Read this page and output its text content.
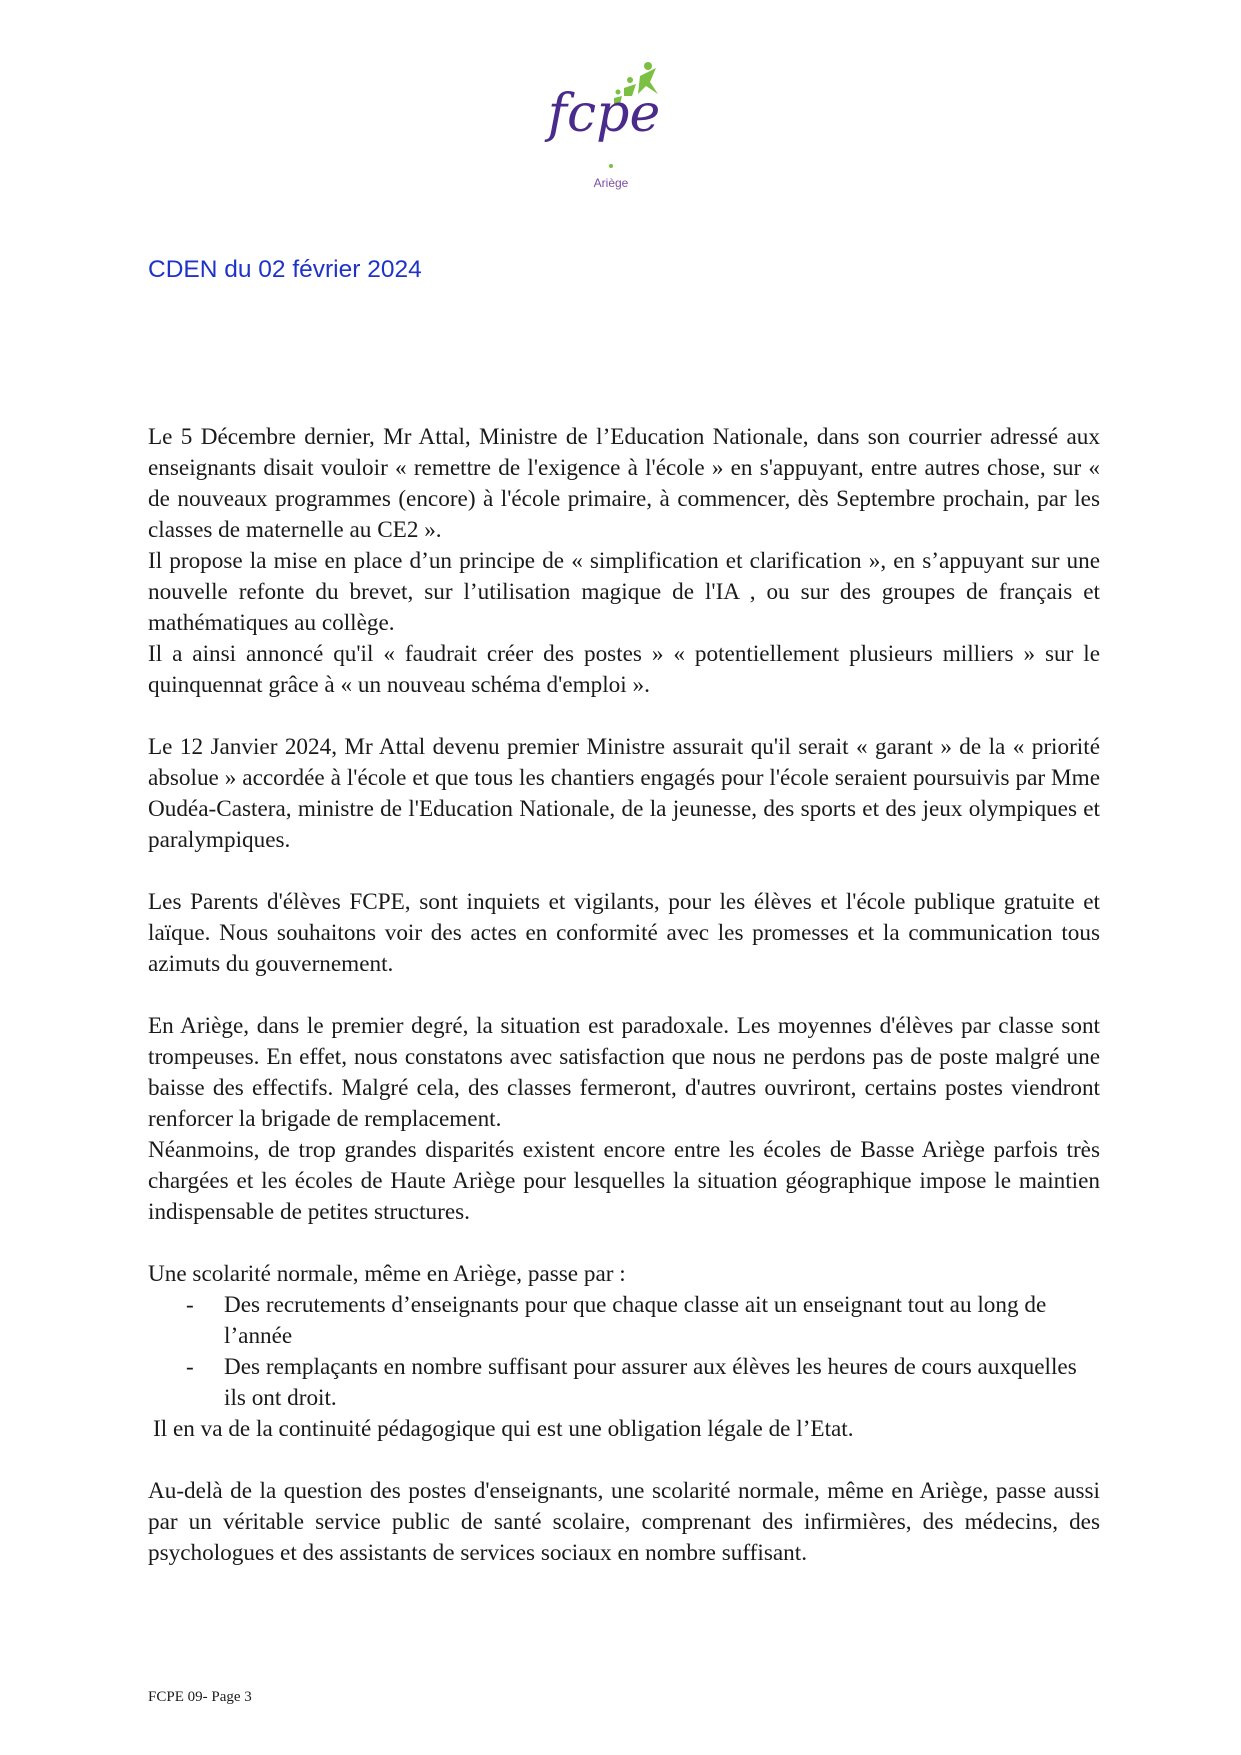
fcpe
Ariège
CDEN du 02 février 2024

Le 5 Décembre dernier, Mr Attal, Ministre de l’Education Nationale, dans son courrier adressé aux enseignants disait vouloir « remettre de l'exigence à l'école » en s'appuyant, entre autres chose, sur « de nouveaux programmes (encore) à l'école primaire, à commencer, dès Septembre prochain, par les classes de maternelle au CE2 ».

Il propose la mise en place d’un principe de « simplification et clarification », en s’appuyant sur une nouvelle refonte du brevet, sur l’utilisation magique de l'IA , ou sur des groupes de français et mathématiques au collège.

Il a ainsi annoncé qu'il « faudrait créer des postes » « potentiellement plusieurs milliers » sur le quinquennat grâce à « un nouveau schéma d'emploi ».

Le 12 Janvier 2024, Mr Attal devenu premier Ministre assurait qu'il serait « garant » de la « priorité absolue » accordée à l'école et que tous les chantiers engagés pour l'école seraient poursuivis par Mme Oudéa-Castera, ministre de l'Education Nationale, de la jeunesse, des sports et des jeux olympiques et paralympiques.

Les Parents d'élèves FCPE, sont inquiets et vigilants, pour les élèves et l'école publique gratuite et laïque. Nous souhaitons voir des actes en conformité avec les promesses et la communication tous azimuts du gouvernement.

En Ariège, dans le premier degré, la situation est paradoxale. Les moyennes d'élèves par classe sont trompeuses. En effet, nous constatons avec satisfaction que nous ne perdons pas de poste malgré une baisse des effectifs. Malgré cela, des classes fermeront, d'autres ouvriront, certains postes viendront renforcer la brigade de remplacement.

Néanmoins, de trop grandes disparités existent encore entre les écoles de Basse Ariège parfois très chargées et les écoles de Haute Ariège pour lesquelles la situation géographique impose le maintien indispensable de petites structures.

Une scolarité normale, même en Ariège, passe par :

- Des recrutements d’enseignants pour que chaque classe ait un enseignant tout au long de l’année
- Des remplaçants en nombre suffisant pour assurer aux élèves les heures de cours auxquelles ils ont droit.

Il en va de la continuité pédagogique qui est une obligation légale de l’Etat.

Au-delà de la question des postes d'enseignants, une scolarité normale, même en Ariège, passe aussi par un véritable service public de santé scolaire, comprenant des infirmières, des médecins, des psychologues et des assistants de services sociaux en nombre suffisant.

FCPE 09- Page 3
